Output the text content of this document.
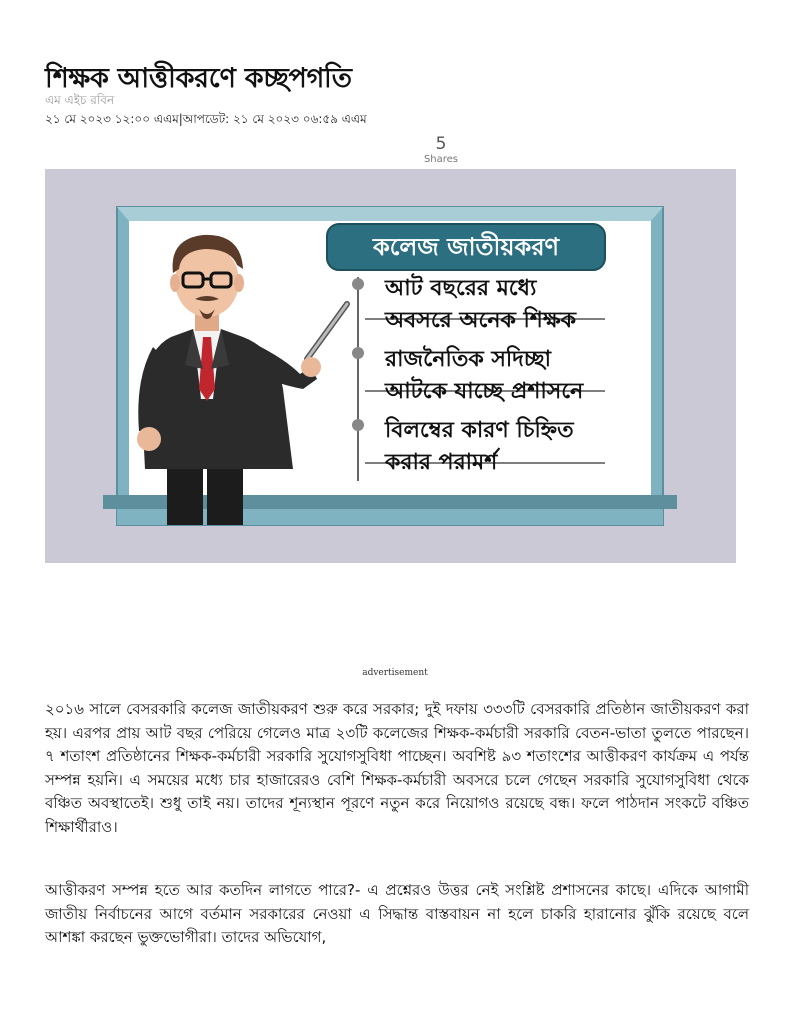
শিক্ষক আত্তীকরণে কচ্ছপগতি
এম এইচ রবিন
২১ মে ২০২৩ ১২:০০ এএম|আপডেট: ২১ মে ২০২৩ ০৬:৫৯ এএম
5
Shares
কলেজ জাতীয়করণ
আট বছরের মধ্যে
অবসরে অনেক শিক্ষক
রাজনৈতিক সদিচ্ছা
আটকে যাচ্ছে প্রশাসনে
বিলম্বের কারণ চিহ্নিত
করার পরামর্শ
advertisement

২০১৬ সালে বেসরকারি কলেজ জাতীয়করণ শুরু করে সরকার; দুই দফায় ৩৩৩টি বেসরকারি প্রতিষ্ঠান জাতীয়করণ করা হয়। এরপর প্রায় আট বছর পেরিয়ে গেলেও মাত্র ২৩টি কলেজের শিক্ষক-কর্মচারী সরকারি বেতন-ভাতা তুলতে পারছেন। ৭ শতাংশ প্রতিষ্ঠানের শিক্ষক-কর্মচারী সরকারি সুযোগসুবিধা পাচ্ছেন। অবশিষ্ট ৯৩ শতাংশের আত্তীকরণ কার্যক্রম এ পর্যন্ত সম্পন্ন হয়নি। এ সময়ের মধ্যে চার হাজারেরও বেশি শিক্ষক-কর্মচারী অবসরে চলে গেছেন সরকারি সুযোগসুবিধা থেকে বঞ্চিত অবস্থাতেই। শুধু তাই নয়। তাদের শূন্যস্থান পূরণে নতুন করে নিয়োগও রয়েছে বন্ধ। ফলে পাঠদান সংকটে বঞ্চিত শিক্ষার্থীরাও।

আত্তীকরণ সম্পন্ন হতে আর কতদিন লাগতে পারে?- এ প্রশ্নেরও উত্তর নেই সংশ্লিষ্ট প্রশাসনের কাছে। এদিকে আগামী জাতীয় নির্বাচনের আগে বর্তমান সরকারের নেওয়া এ সিদ্ধান্ত বাস্তবায়ন না হলে চাকরি হারানোর ঝুঁকি রয়েছে বলে আশঙ্কা করছেন ভুক্তভোগীরা। তাদের অভিযোগ,
